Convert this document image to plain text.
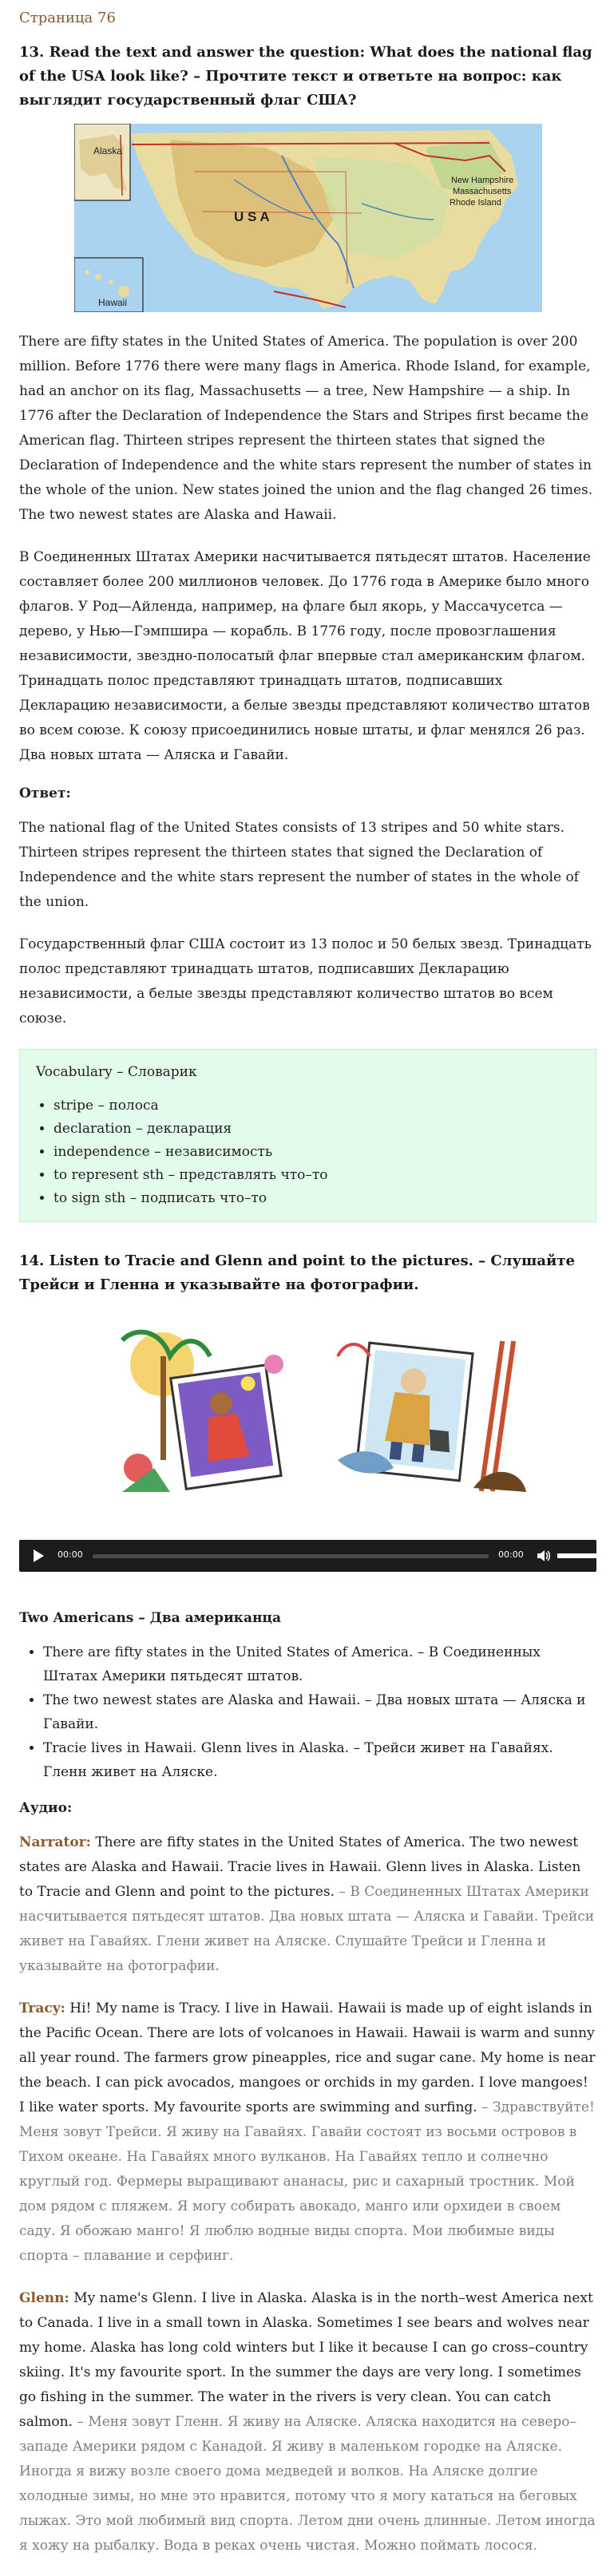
Страница 76
13. Read the text and answer the question: What does the national flag of the USA look like? – Прочтите текст и ответьте на вопрос: как выглядит государственный флаг США?
Alaska
U S A
Hawaii
New Hampshire
Massachusetts
Rhode Island

There are fifty states in the United States of America. The population is over 200 million. Before 1776 there were many flags in America. Rhode Island, for example, had an anchor on its flag, Massachusetts — a tree, New Hampshire — a ship. In 1776 after the Declaration of Independence the Stars and Stripes first became the American flag. Thirteen stripes represent the thirteen states that signed the Declaration of Independence and the white stars represent the number of states in the whole of the union. New states joined the union and the flag changed 26 times. The two newest states are Alaska and Hawaii.

В Соединенных Штатах Америки насчитывается пятьдесят штатов. Население составляет более 200 миллионов человек. До 1776 года в Америке было много флагов. У Род—Айленда, например, на флаге был якорь, у Массачусетса — дерево, у Нью—Гэмпшира — корабль. В 1776 году, после провозглашения независимости, звездно-полосатый флаг впервые стал американским флагом. Тринадцать полос представляют тринадцать штатов, подписавших Декларацию независимости, а белые звезды представляют количество штатов во всем союзе. К союзу присоединились новые штаты, и флаг менялся 26 раз. Два новых штата — Аляска и Гавайи.

Ответ:

The national flag of the United States consists of 13 stripes and 50 white stars. Thirteen stripes represent the thirteen states that signed the Declaration of Independence and the white stars represent the number of states in the whole of the union.

Государственный флаг США состоит из 13 полос и 50 белых звезд. Тринадцать полос представляют тринадцать штатов, подписавших Декларацию независимости, а белые звезды представляют количество штатов во всем союзе.

Vocabulary – Словарик
• stripe – полоса
• declaration – декларация
• independence – независимость
• to represent sth – представлять что–то
• to sign sth – подписать что–то
14. Listen to Tracie and Glenn and point to the pictures. – Слушайте Трейси и Гленна и указывайте на фотографии.
00:00	00:00
Two Americans – Два американца
• There are fifty states in the United States of America. – В Соединенных Штатах Америки пятьдесят штатов.
• The two newest states are Alaska and Hawaii. – Два новых штата — Аляска и Гавайи.
• Tracie lives in Hawaii. Glenn lives in Alaska. – Трейси живет на Гавайях. Гленн живет на Аляске.
Аудио:

Narrator: There are fifty states in the United States of America. The two newest states are Alaska and Hawaii. Tracie lives in Hawaii. Glenn lives in Alaska. Listen to Tracie and Glenn and point to the pictures. – В Соединенных Штатах Америки насчитывается пятьдесят штатов. Два новых штата — Аляска и Гавайи. Трейси живет на Гавайях. Глени живет на Аляске. Слушайте Трейси и Гленна и указывайте на фотографии.

Tracy: Hi! My name is Tracy. I live in Hawaii. Hawaii is made up of eight islands in the Pacific Ocean. There are lots of volcanoes in Hawaii. Hawaii is warm and sunny all year round. The farmers grow pineapples, rice and sugar cane. My home is near the beach. I can pick avocados, mangoes or orchids in my garden. I love mangoes! I like water sports. My favourite sports are swimming and surfing. – Здравствуйте! Меня зовут Трейси. Я живу на Гавайях. Гавайи состоят из восьми островов в Тихом океане. На Гавайях много вулканов. На Гавайях тепло и солнечно круглый год. Фермеры выращивают ананасы, рис и сахарный тростник. Мой дом рядом с пляжем. Я могу собирать авокадо, манго или орхидеи в своем саду. Я обожаю манго! Я люблю водные виды спорта. Мои любимые виды спорта – плавание и серфинг.

Glenn: My name's Glenn. I live in Alaska. Alaska is in the north–west America next to Canada. I live in a small town in Alaska. Sometimes I see bears and wolves near my home. Alaska has long cold winters but I like it because I can go cross–country skiing. It's my favourite sport. In the summer the days are very long. I sometimes go fishing in the summer. The water in the rivers is very clean. You can catch salmon. – Меня зовут Гленн. Я живу на Аляске. Аляска находится на северо–западе Америки рядом с Канадой. Я живу в маленьком городке на Аляске. Иногда я вижу возле своего дома медведей и волков. На Аляске долгие холодные зимы, но мне это нравится, потому что я могу кататься на беговых лыжах. Это мой любимый вид спорта. Летом дни очень длинные. Летом иногда я хожу на рыбалку. Вода в реках очень чистая. Можно поймать лосося.
